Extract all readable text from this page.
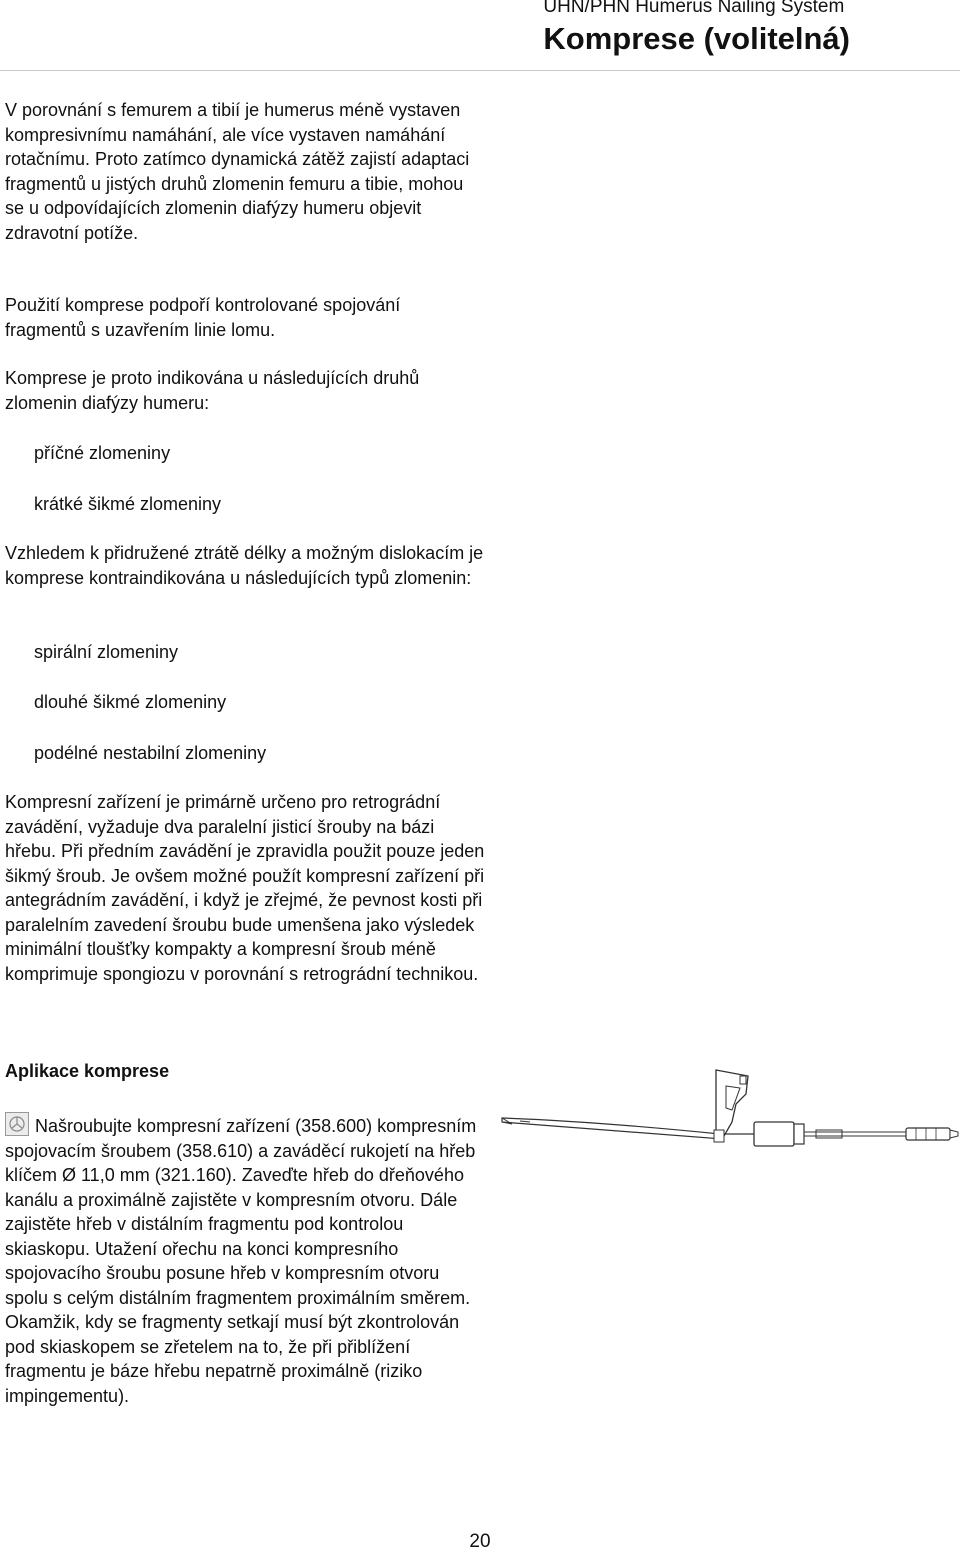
UHN/PHN Humerus Nailing System
Komprese (volitelná)

V porovnání s femurem a tibií je humerus méně vystaven kompresivnímu namáhání, ale více vystaven namáhání rotačnímu. Proto zatímco dynamická zátěž zajistí adaptaci fragmentů u jistých druhů zlomenin femuru a tibie, mohou se u odpovídajících zlomenin diafýzy humeru objevit zdravotní potíže.

Použití komprese podpoří kontrolované spojování fragmentů s uzavřením linie lomu.

Komprese je proto indikována u následujících druhů zlomenin diafýzy humeru:

příčné zlomeniny

krátké šikmé zlomeniny

Vzhledem k přidružené ztrátě délky a možným dislokacím je komprese kontraindikována u následujících typů zlomenin:

spirální zlomeniny

dlouhé šikmé zlomeniny

podélné nestabilní zlomeniny

Kompresní zařízení je primárně určeno pro retrográdní zavádění, vyžaduje dva paralelní jisticí šrouby na bázi hřebu. Při předním zavádění je zpravidla použit pouze jeden šikmý šroub. Je ovšem možné použít kompresní zařízení při antegrádním zavádění, i když je zřejmé, že pevnost kosti při paralelním zavedení šroubu bude umenšena jako výsledek minimální tloušťky kompakty a kompresní šroub méně komprimuje spongiozu v porovnání s retrográdní technikou.

Aplikace komprese

Našroubujte kompresní zařízení (358.600) kompresním spojovacím šroubem (358.610) a zaváděcí rukojetí na hřeb klíčem Ø 11,0 mm (321.160). Zaveďte hřeb do dřeňového kanálu a proximálně zajistěte v kompresním otvoru. Dále zajistěte hřeb v distálním fragmentu pod kontrolou skiaskopu. Utažení ořechu na konci kompresního spojovacího šroubu posune hřeb v kompresním otvoru spolu s celým distálním fragmentem proximálním směrem. Okamžik, kdy se fragmenty setkají musí být zkontrolován pod skiaskopem se zřetelem na to, že při přiblížení fragmentu je báze hřebu nepatrně proximálně (riziko impingementu).

20
